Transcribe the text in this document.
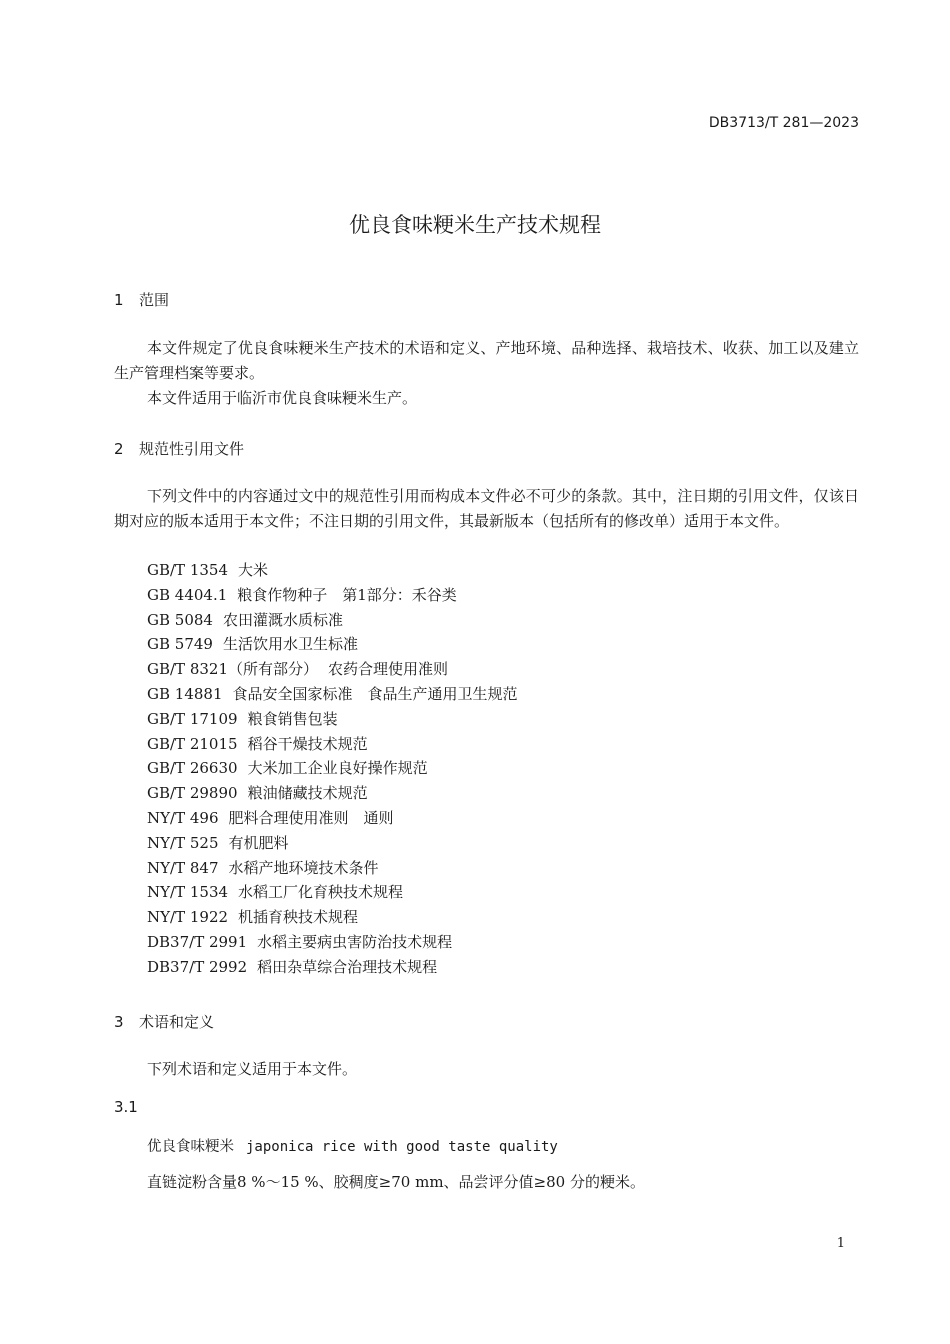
DB3713/T 281—2023
优良食味粳米生产技术规程
1 范围

本文件规定了优良食味粳米生产技术的术语和定义、产地环境、品种选择、栽培技术、收获、加工以及建立生产管理档案等要求。

本文件适用于临沂市优良食味粳米生产。

2 规范性引用文件

下列文件中的内容通过文中的规范性引用而构成本文件必不可少的条款。其中，注日期的引用文件，仅该日期对应的版本适用于本文件；不注日期的引用文件，其最新版本（包括所有的修改单）适用于本文件。

GB/T 1354 大米
GB 4404.1 粮食作物种子　第1部分：禾谷类
GB 5084 农田灌溉水质标准
GB 5749 生活饮用水卫生标准
GB/T 8321（所有部分） 农药合理使用准则
GB 14881 食品安全国家标准　食品生产通用卫生规范
GB/T 17109 粮食销售包装
GB/T 21015 稻谷干燥技术规范
GB/T 26630 大米加工企业良好操作规范
GB/T 29890 粮油储藏技术规范
NY/T 496 肥料合理使用准则　通则
NY/T 525 有机肥料
NY/T 847 水稻产地环境技术条件
NY/T 1534 水稻工厂化育秧技术规程
NY/T 1922 机插育秧技术规程
DB37/T 2991 水稻主要病虫害防治技术规程
DB37/T 2992 稻田杂草综合治理技术规程
3 术语和定义
下列术语和定义适用于本文件。
3.1
优良食味粳米 japonica rice with good taste quality
直链淀粉含量8 %～15 %、胶稠度≥70 mm、品尝评分值≥80 分的粳米。
1
